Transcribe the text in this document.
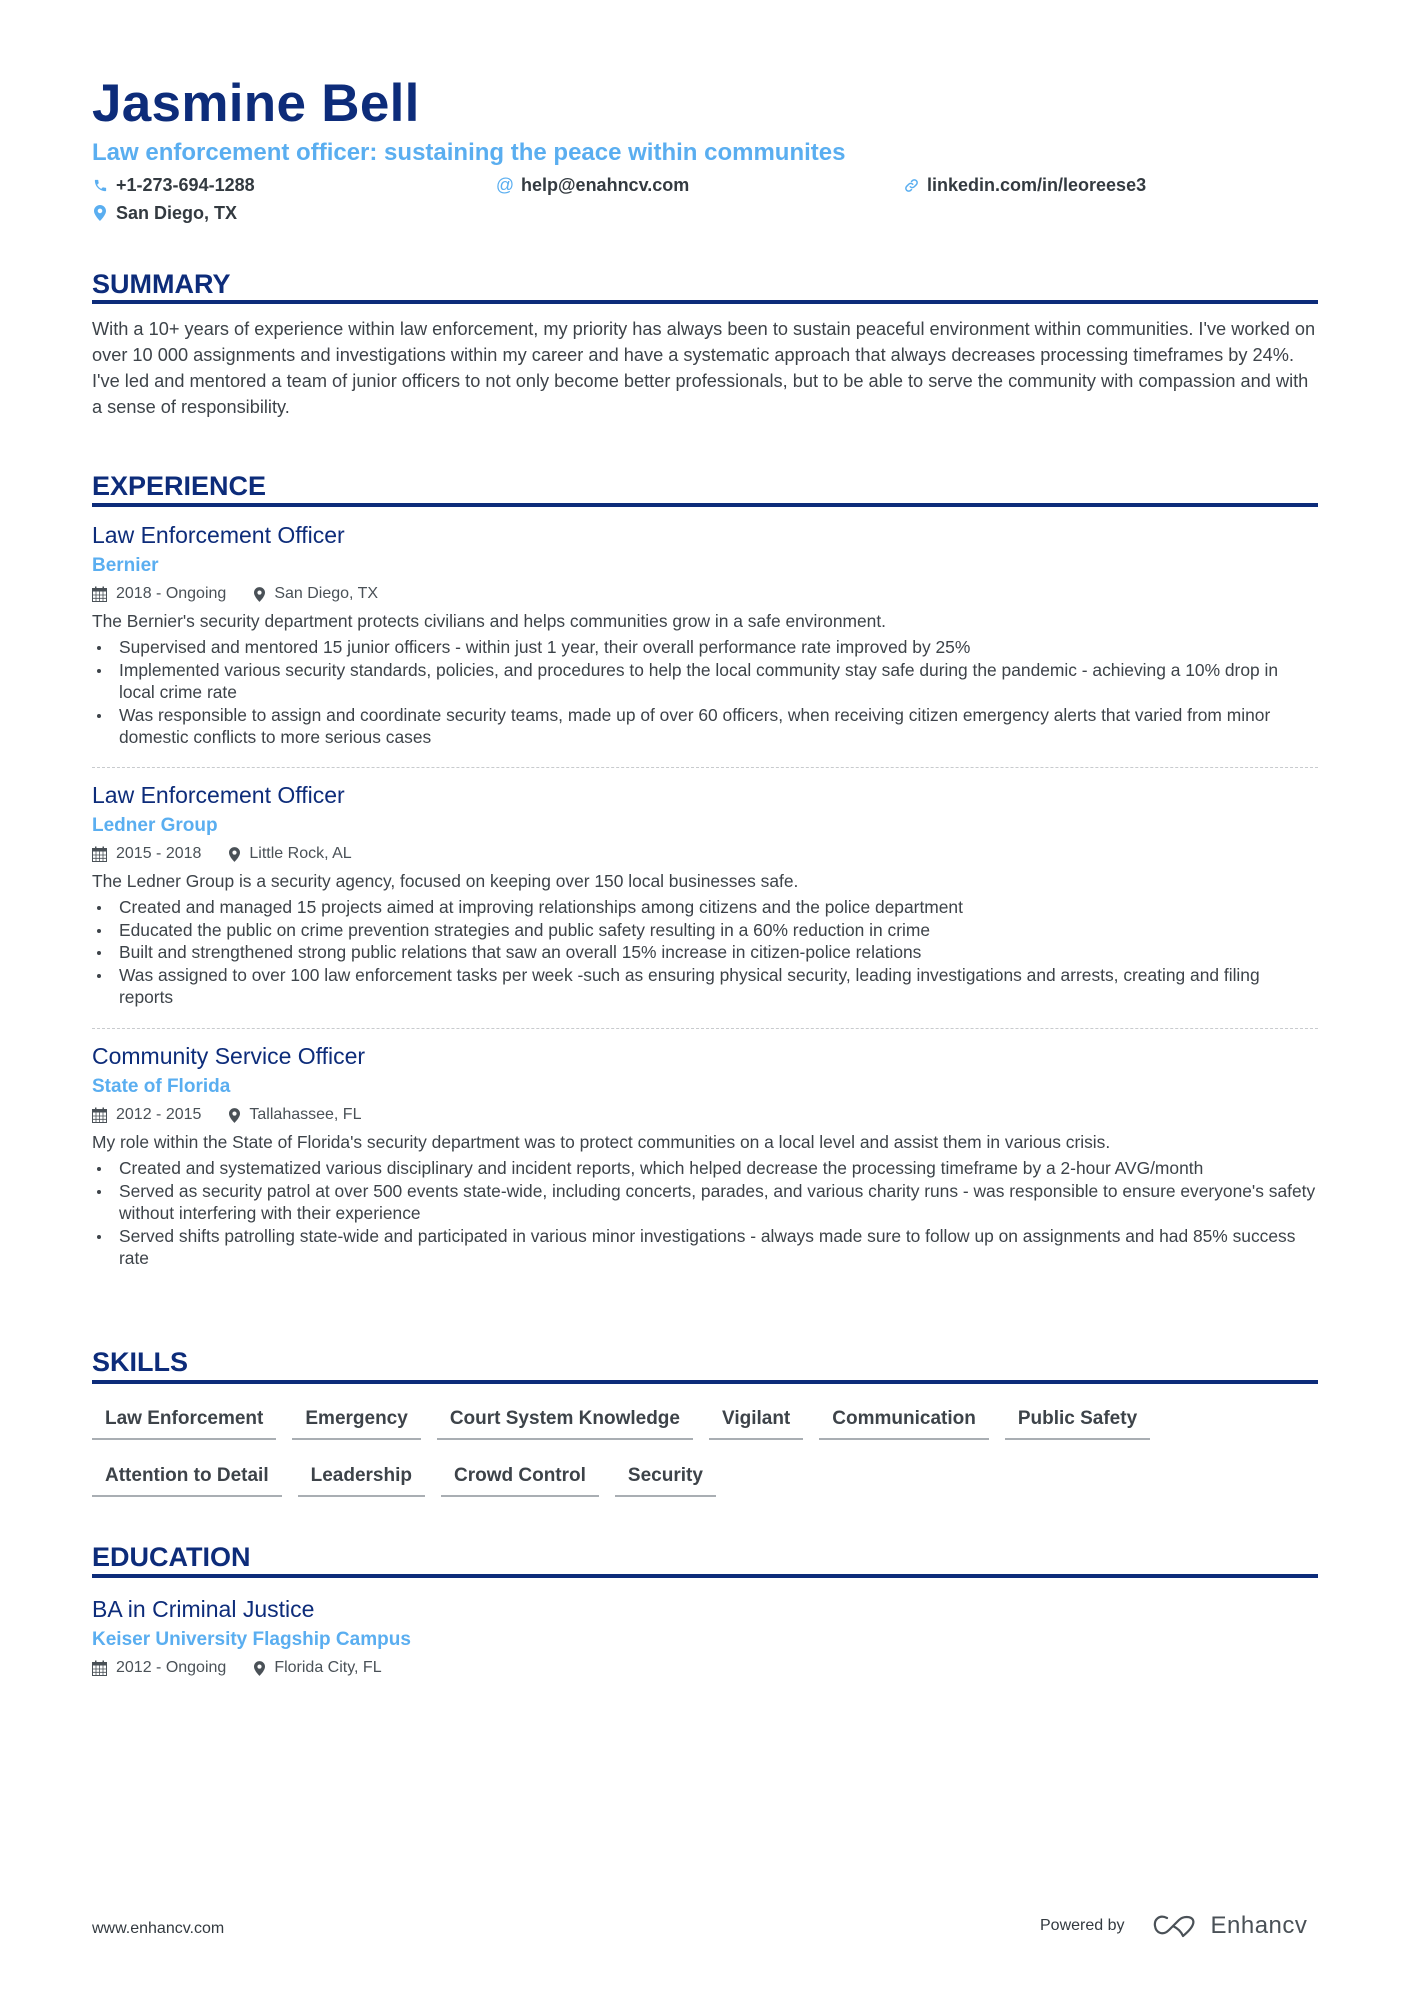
Jasmine Bell
Law enforcement officer: sustaining the peace within communites
+1-273-694-1288	@ help@enahncv.com	linkedin.com/in/leoreese3
San Diego, TX
SUMMARY
With a 10+ years of experience within law enforcement, my priority has always been to sustain peaceful environment within communities. I've worked on over 10 000 assignments and investigations within my career and have a systematic approach that always decreases processing timeframes by 24%. I've led and mentored a team of junior officers to not only become better professionals, but to be able to serve the community with compassion and with a sense of responsibility.
EXPERIENCE
Law Enforcement Officer
Bernier
2018 - Ongoing	San Diego, TX
The Bernier's security department protects civilians and helps communities grow in a safe environment.
Supervised and mentored 15 junior officers - within just 1 year, their overall performance rate improved by 25%
Implemented various security standards, policies, and procedures to help the local community stay safe during the pandemic - achieving a 10% drop in local crime rate
Was responsible to assign and coordinate security teams, made up of over 60 officers, when receiving citizen emergency alerts that varied from minor domestic conflicts to more serious cases
Law Enforcement Officer
Ledner Group
2015 - 2018	Little Rock, AL
The Ledner Group is a security agency, focused on keeping over 150 local businesses safe.
Created and managed 15 projects aimed at improving relationships among citizens and the police department
Educated the public on crime prevention strategies and public safety resulting in a 60% reduction in crime
Built and strengthened strong public relations that saw an overall 15% increase in citizen-police relations
Was assigned to over 100 law enforcement tasks per week -such as ensuring physical security, leading investigations and arrests, creating and filing reports
Community Service Officer
State of Florida
2012 - 2015	Tallahassee, FL
My role within the State of Florida's security department was to protect communities on a local level and assist them in various crisis.
Created and systematized various disciplinary and incident reports, which helped decrease the processing timeframe by a 2-hour AVG/month
Served as security patrol at over 500 events state-wide, including concerts, parades, and various charity runs - was responsible to ensure everyone's safety without interfering with their experience
Served shifts patrolling state-wide and participated in various minor investigations - always made sure to follow up on assignments and had 85% success rate
SKILLS
Law Enforcement	Emergency	Court System Knowledge	Vigilant	Communication	Public Safety
Attention to Detail	Leadership	Crowd Control	Security
EDUCATION
BA in Criminal Justice
Keiser University Flagship Campus
2012 - Ongoing	Florida City, FL
www.enhancv.com	Powered by	Enhancv
